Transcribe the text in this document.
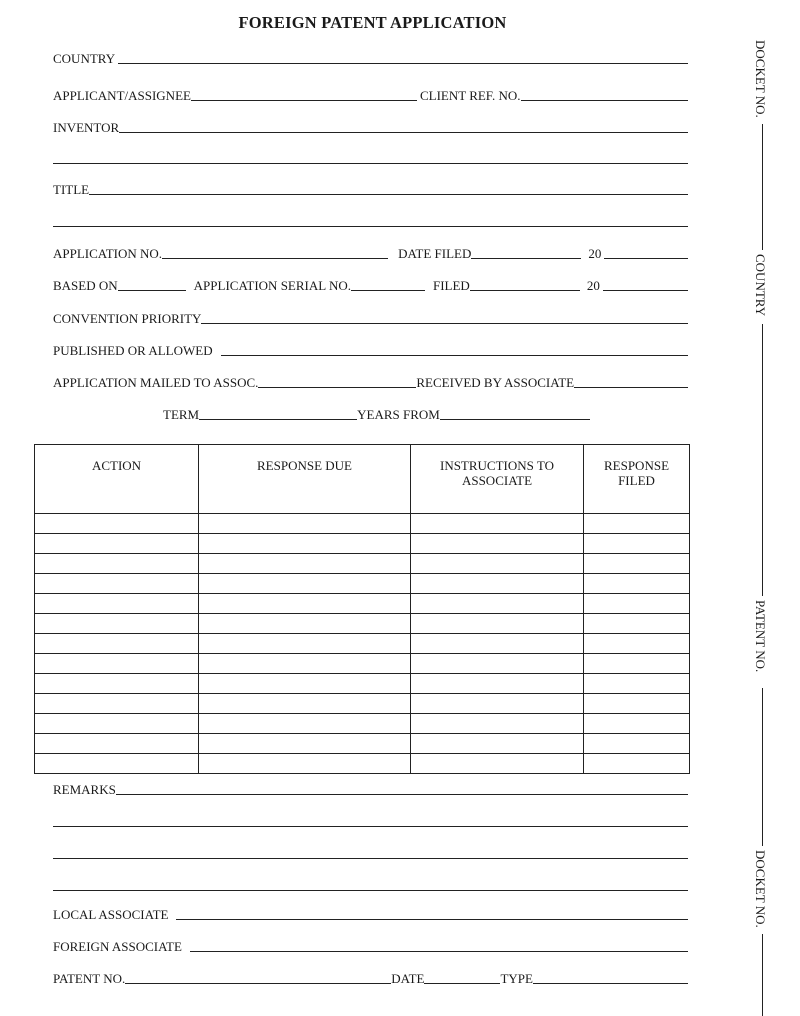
FOREIGN PATENT APPLICATION
COUNTRY
APPLICANT/ASSIGNEE	CLIENT REF. NO.
INVENTOR
TITLE
APPLICATION NO.	DATE FILED	20
BASED ON	APPLICATION SERIAL NO.	FILED	20
CONVENTION PRIORITY
PUBLISHED OR ALLOWED
APPLICATION MAILED TO ASSOC.	RECEIVED BY ASSOCIATE
TERM	YEARS FROM
ACTION	RESPONSE DUE	INSTRUCTIONS TO ASSOCIATE	RESPONSE FILED

REMARKS
LOCAL ASSOCIATE
FOREIGN ASSOCIATE
PATENT NO.	DATE	TYPE
DOCKET NO.
COUNTRY
PATENT NO.
DOCKET NO.
